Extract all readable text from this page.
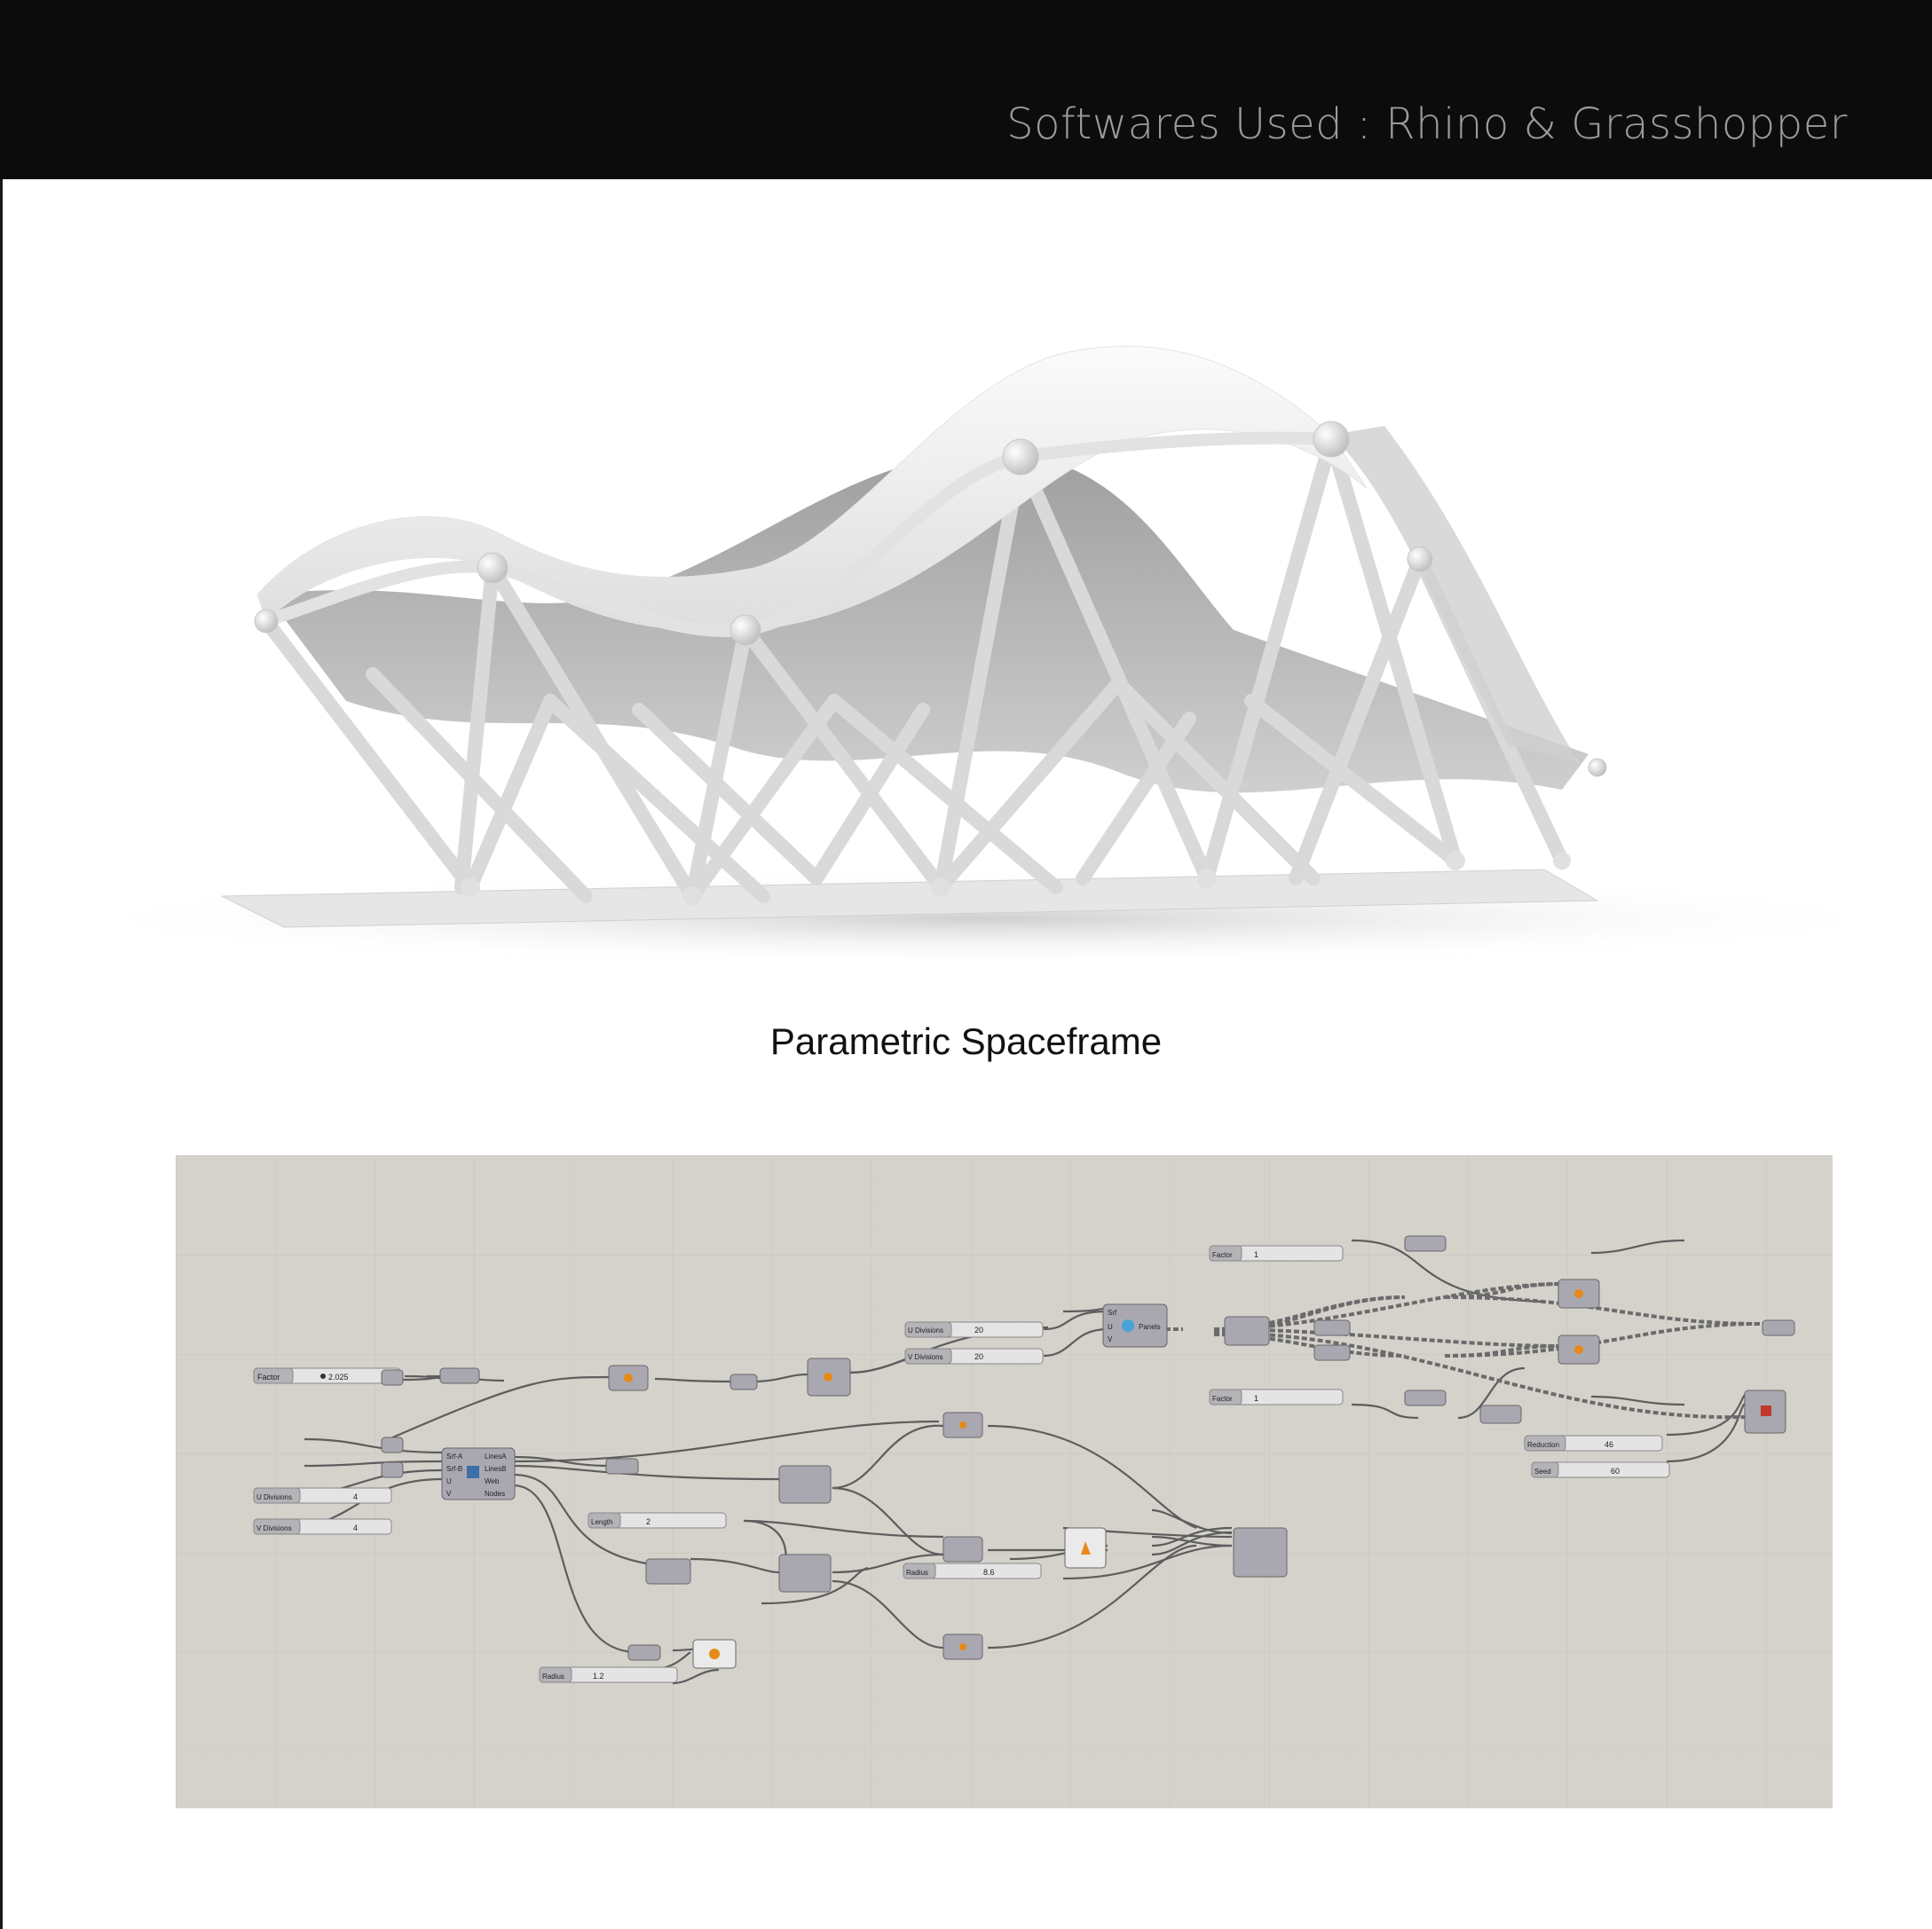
Softwares Used : Rhino & Grasshopper
Parametric Spaceframe
Factor	2.025
U Divisions	4
V Divisions	4
Length	2
Radius	8.6
Radius	1.2
U Divisions	20
V Divisions	20
Factor	1
Factor	1
Reduction	46
Seed	60
Srf-A
Srf-B
U
V
LinesA
LinesB
Web
Nodes
Srf
U
V
Panels
